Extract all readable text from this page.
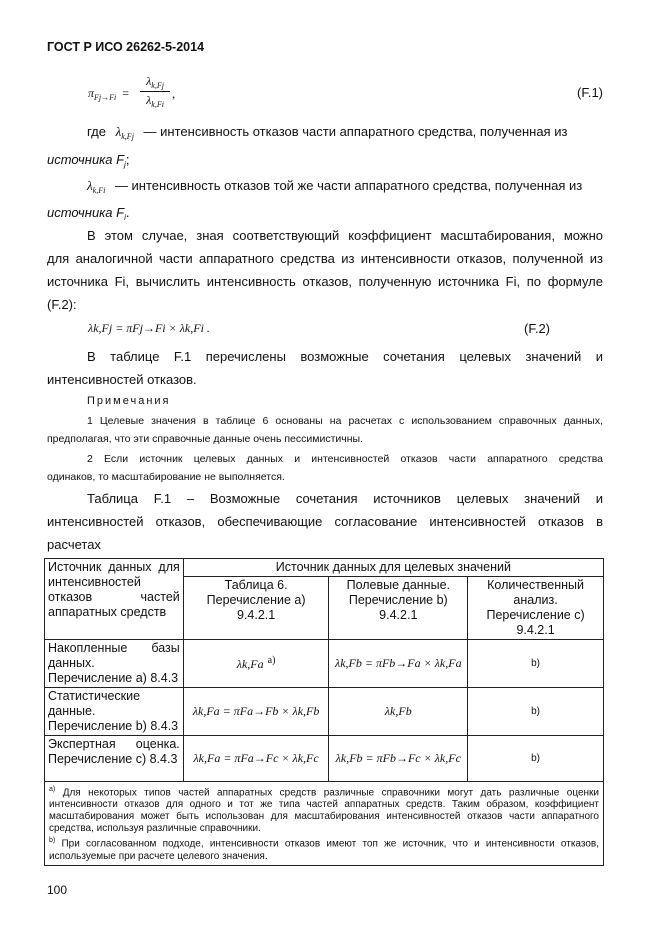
ГОСТ Р ИСО 26262-5-2014
$\pi_{Fj\to Fi}$ =
$\lambda_{k,Fj}$
$\lambda_{k,Fi}$
,	(F.1)
где $\lambda_{k,Fj}$ — интенсивность отказов части аппаратного средства, полученная из
источника $F_j$;
$\lambda_{k,Fi}$ — интенсивность отказов той же части аппаратного средства, полученная из
источника $F_i$.
В этом случае, зная соответствующий коэффициент масштабирования, можно
для аналогичной части аппаратного средства из интенсивности отказов, полученной из
источника Fi, вычислить интенсивность отказов, полученную источника Fi, по формуле
(F.2):
λk,Fj = πFj→Fi × λk,Fi .	(F.2)
В таблице F.1 перечислены возможные сочетания целевых значений и
интенсивностей отказов.
Примечания
1 Целевые значения в таблице 6 основаны на расчетах с использованием справочных данных,
предполагая, что эти справочные данные очень пессимистичны.
2 Если источник целевых данных и интенсивностей отказов части аппаратного средства
одинаков, то масштабирование не выполняется.
Таблица F.1 – Возможные сочетания источников целевых значений и
интенсивностей отказов, обеспечивающие согласование интенсивностей отказов в
расчетах
Источник данных для интенсивностей отказов частей аппаратных средств	Источник данных для целевых значений		
	Таблица 6. Перечисление а) 9.4.2.1	Полевые данные. Перечисление b) 9.4.2.1	Количественный анализ. Перечисление с) 9.4.2.1
Накопленные базы данных. Перечисление а) 8.4.3	λk,Fa $^{a)}$	λk,Fb = πFb→Fa × λk,Fa	b)
Статистические данные. Перечисление b) 8.4.3	λk,Fa = πFa→Fb × λk,Fb	λk,Fb	b)
Экспертная оценка. Перечисление с) 8.4.3	λk,Fa = πFa→Fc × λk,Fc	λk,Fb = πFb→Fc × λk,Fc	b)

$^{a)}$ Для некоторых типов частей аппаратных средств различные справочники могут дать различные оценки интенсивности отказов для одного и тот же типа частей аппаратных средств. Таким образом, коэффициент масштабирования может быть использован для масштабирования интенсивностей отказов части аппаратного средства, используя различные справочники.
$^{b)}$ При согласованном подходе, интенсивности отказов имеют топ же источник, что и интенсивности отказов, используемые при расчете целевого значения.			
100
